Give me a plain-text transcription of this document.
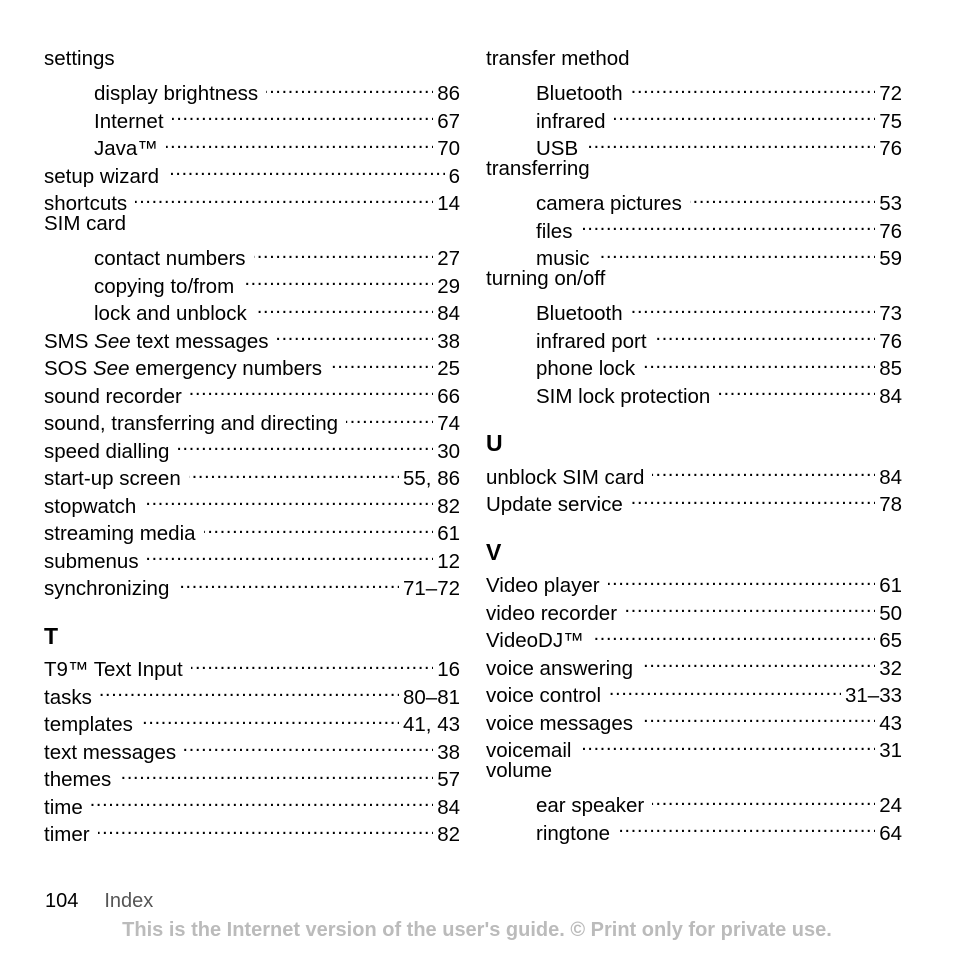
settings
display brightness . . .	86
Internet . . .	67
Java™ . . .	70
setup wizard . . .	6
shortcuts . . .	14
SIM card
contact numbers . . .	27
copying to/from . . .	29
lock and unblock . . .	84
SMS See text messages . . .	38
SOS See emergency numbers . . .	25
sound recorder . . .	66
sound, transferring and directing . . .	74
speed dialling . . .	30
start-up screen . . .	55, 86
stopwatch . . .	82
streaming media . . .	61
submenus . . .	12
synchronizing . . .	71–72
T
T9™ Text Input . . .	16
tasks . . .	80–81
templates . . .	41, 43
text messages . . .	38
themes . . .	57
time . . .	84
timer . . .	82
transfer method
Bluetooth . . .	72
infrared . . .	75
USB . . .	76
transferring
camera pictures . . .	53
files . . .	76
music . . .	59
turning on/off
Bluetooth . . .	73
infrared port . . .	76
phone lock . . .	85
SIM lock protection . . .	84
U
unblock SIM card . . .	84
Update service . . .	78
V
Video player . . .	61
video recorder . . .	50
VideoDJ™ . . .	65
voice answering . . .	32
voice control . . .	31–33
voice messages . . .	43
voicemail . . .	31
volume
ear speaker . . .	24
ringtone . . .	64
104 Index
This is the Internet version of the user's guide. © Print only for private use.
